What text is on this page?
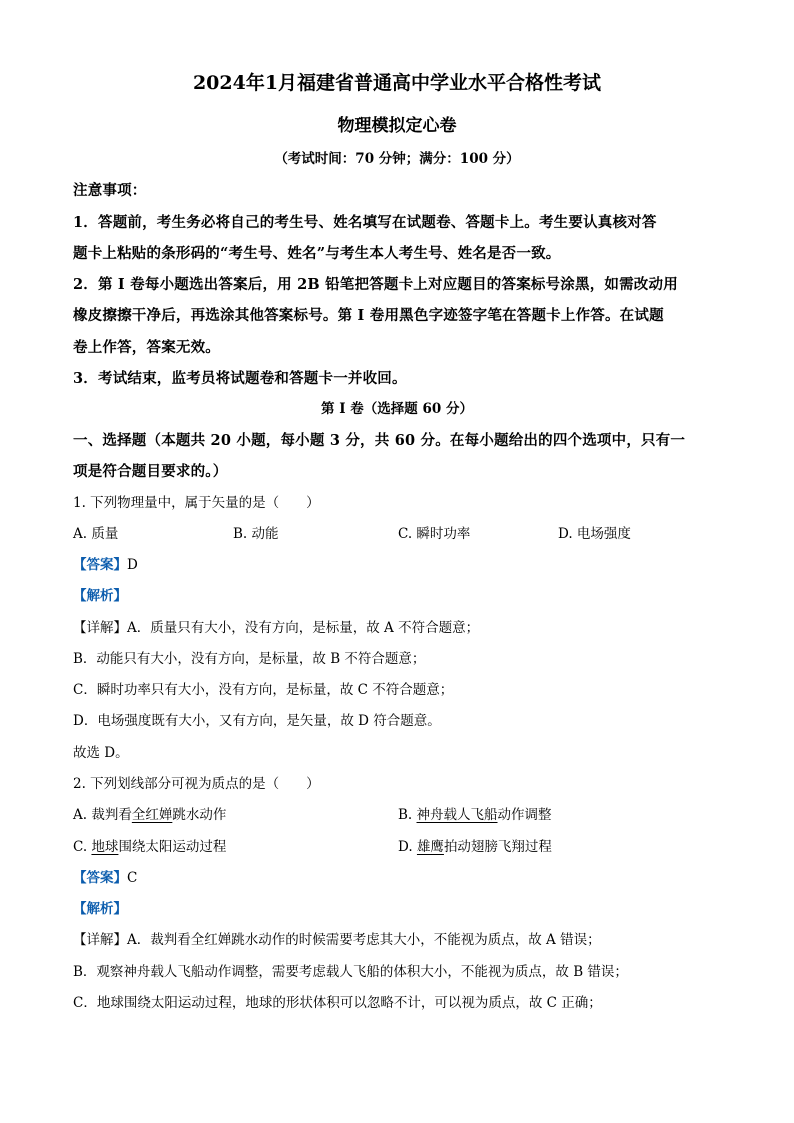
2024年1月福建省普通高中学业水平合格性考试
物理模拟定心卷
（考试时间：70 分钟；满分：100 分）
注意事项：
1．答题前，考生务必将自己的考生号、姓名填写在试题卷、答题卡上。考生要认真核对答
题卡上粘贴的条形码的“考生号、姓名”与考生本人考生号、姓名是否一致。
2．第 I 卷每小题选出答案后，用 2B 铅笔把答题卡上对应题目的答案标号涂黑，如需改动用
橡皮擦擦干净后，再选涂其他答案标号。第 I 卷用黑色字迹签字笔在答题卡上作答。在试题
卷上作答，答案无效。
3．考试结束，监考员将试题卷和答题卡一并收回。
第 I 卷（选择题 60 分）
一、选择题（本题共 20 小题，每小题 3 分，共 60 分。在每小题给出的四个选项中，只有一
项是符合题目要求的。）
1. 下列物理量中，属于矢量的是（　　）
A. 质量	B. 动能	C. 瞬时功率	D. 电场强度
【答案】D
【解析】
【详解】A．质量只有大小，没有方向，是标量，故 A 不符合题意；
B．动能只有大小，没有方向，是标量，故 B 不符合题意；
C．瞬时功率只有大小，没有方向，是标量，故 C 不符合题意；
D．电场强度既有大小，又有方向，是矢量，故 D 符合题意。
故选 D。
2. 下列划线部分可视为质点的是（　　）
A. 裁判看全红婵跳水动作	B. 神舟载人飞船动作调整
C. 地球围绕太阳运动过程	D. 雄鹰拍动翅膀飞翔过程
【答案】C
【解析】
【详解】A．裁判看全红婵跳水动作的时候需要考虑其大小，不能视为质点，故 A 错误；
B．观察神舟载人飞船动作调整，需要考虑载人飞船的体积大小，不能视为质点，故 B 错误；
C．地球围绕太阳运动过程，地球的形状体积可以忽略不计，可以视为质点，故 C 正确；
